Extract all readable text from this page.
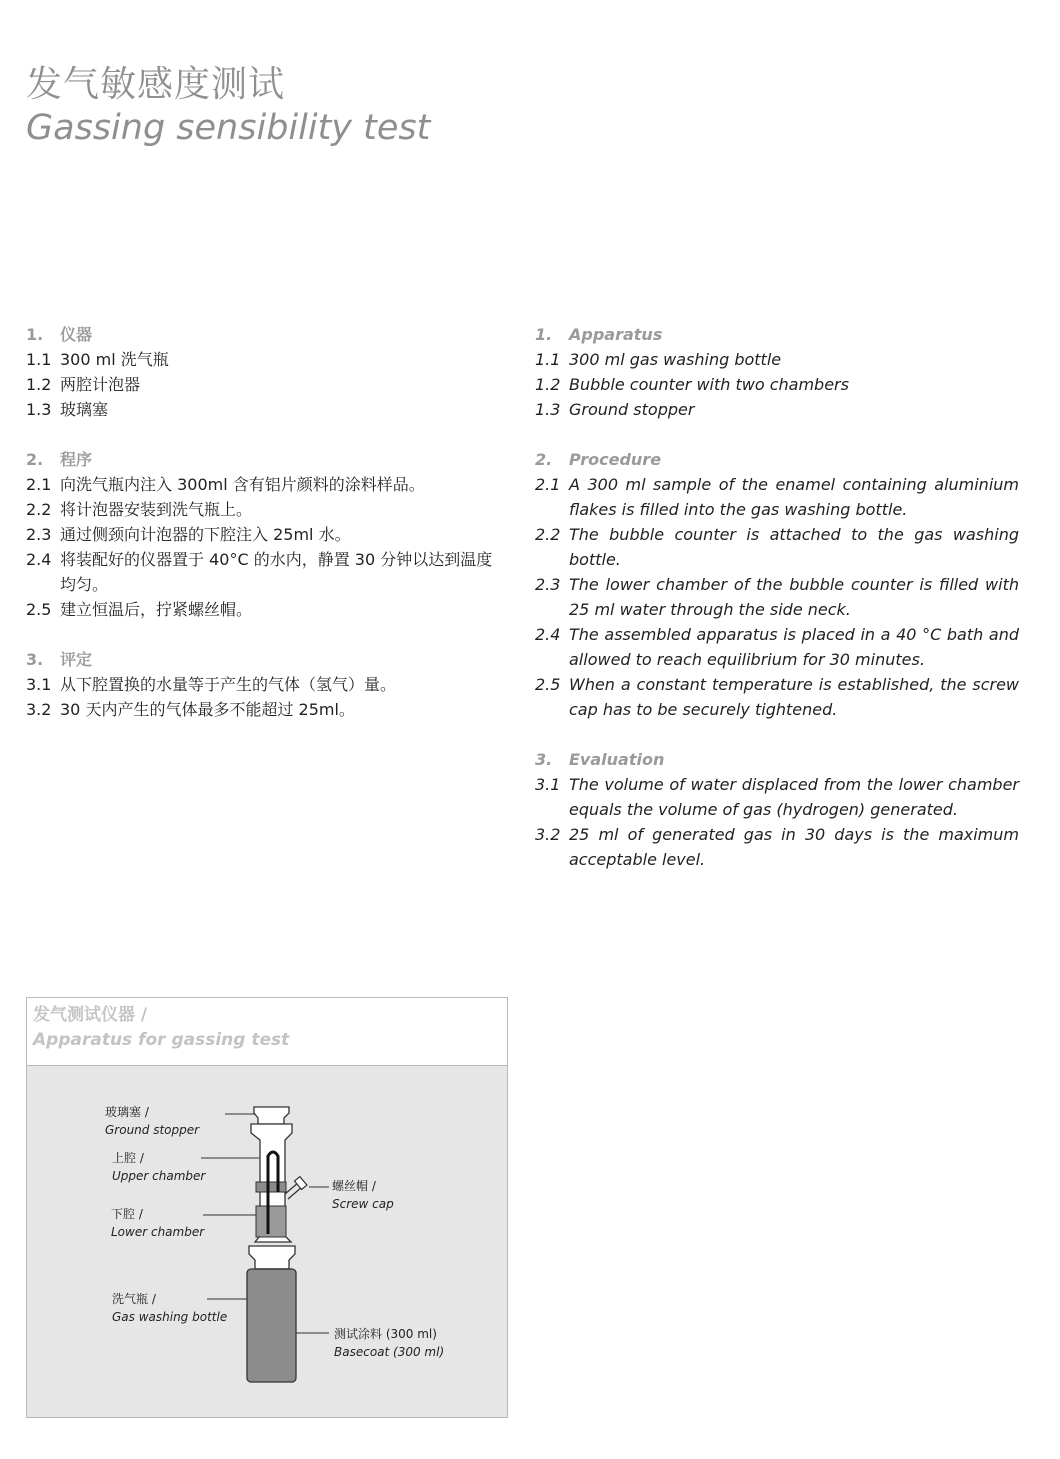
发气敏感度测试
Gassing sensibility test
1.	仪器
1.1 300 ml 洗气瓶
1.2 两腔计泡器
1.3 玻璃塞
2.	程序
2.1 向洗气瓶内注入 300ml 含有铝片颜料的涂料样品。
2.2 将计泡器安装到洗气瓶上。
2.3 通过侧颈向计泡器的下腔注入 25ml 水。
2.4 将装配好的仪器置于 40°C 的水内，静置 30 分钟以达到温度均匀。
2.5 建立恒温后，拧紧螺丝帽。
3.	评定
3.1 从下腔置换的水量等于产生的气体（氢气）量。
3.2 30 天内产生的气体最多不能超过 25ml。
1.	Apparatus
1.1 300 ml gas washing bottle
1.2 Bubble counter with two chambers
1.3 Ground stopper
2.	Procedure
2.1 A 300 ml sample of the enamel containing aluminium flakes is filled into the gas washing bottle.
2.2 The bubble counter is attached to the gas washing bottle.
2.3 The lower chamber of the bubble counter is filled with 25 ml water through the side neck.
2.4 The assembled apparatus is placed in a 40 °C bath and allowed to reach equilibrium for 30 minutes.
2.5 When a constant temperature is established, the screw cap has to be securely tightened.
3.	Evaluation
3.1 The volume of water displaced from the lower chamber equals the volume of gas (hydrogen) generated.
3.2 25 ml of generated gas in 30 days is the maximum acceptable level.
发气测试仪器 /
Apparatus for gassing test
玻璃塞 /
Ground stopper
上腔 /
Upper chamber
下腔 /
Lower chamber
洗气瓶 /
Gas washing bottle
螺丝帽 /
Screw cap
测试涂料 (300 ml)
Basecoat (300 ml)
